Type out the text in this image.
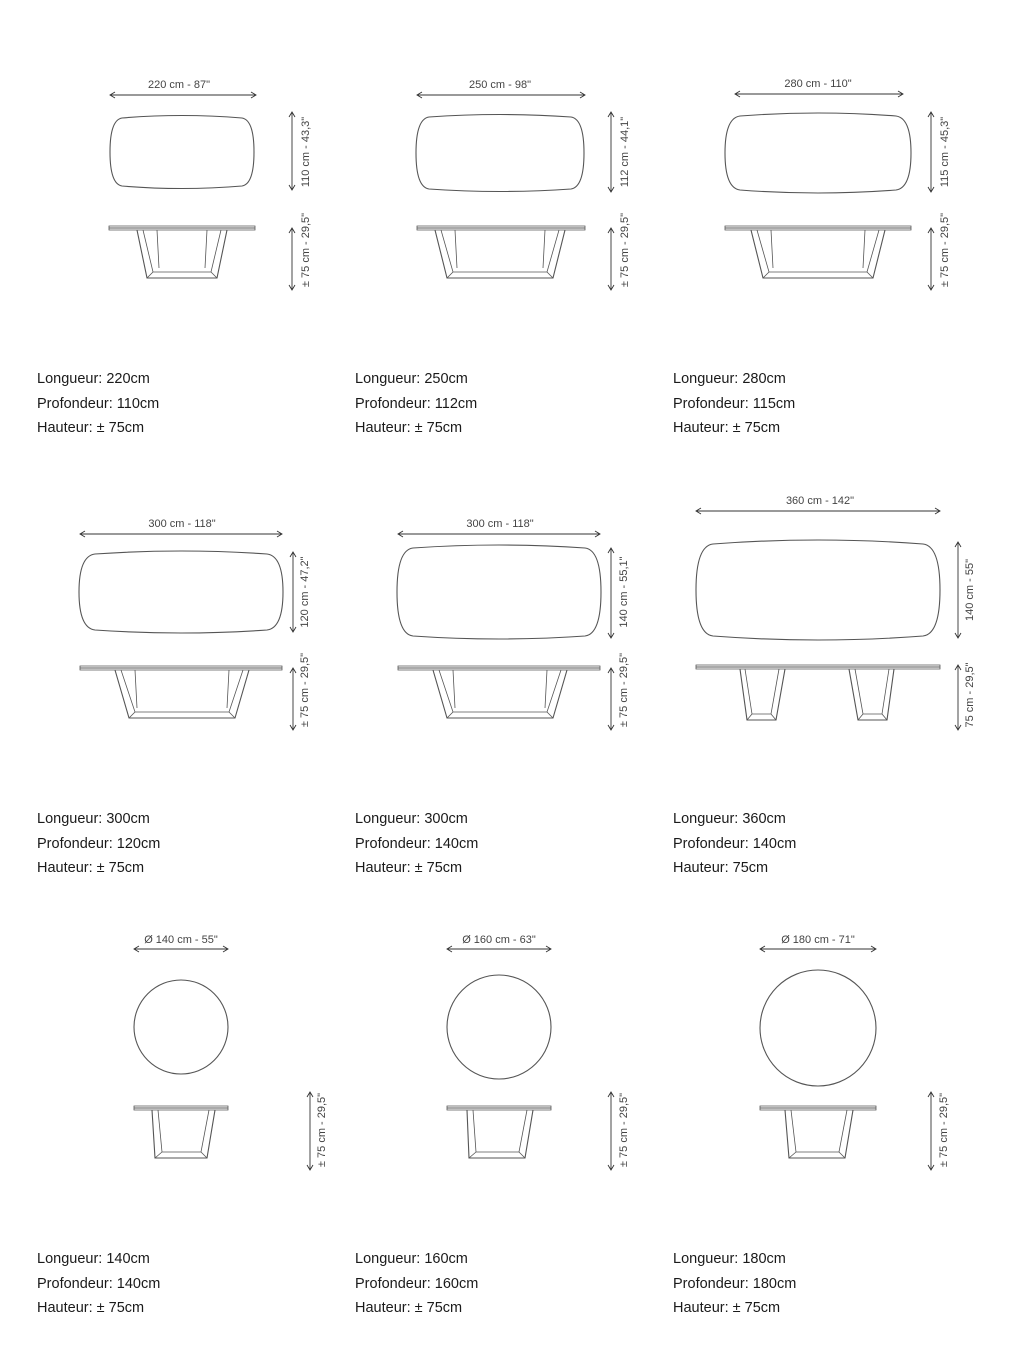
220 cm - 87"
110 cm - 43,3"
± 75 cm - 29,5"
Longueur: 220cm
Profondeur: 110cm
Hauteur: ± 75cm
250 cm - 98"
112 cm - 44,1"
± 75 cm - 29,5"
Longueur: 250cm
Profondeur: 112cm
Hauteur: ± 75cm
280 cm - 110"
115 cm - 45,3"
± 75 cm - 29,5"
Longueur: 280cm
Profondeur: 115cm
Hauteur: ± 75cm
300 cm - 118"
120 cm - 47,2"
± 75 cm - 29,5"
Longueur: 300cm
Profondeur: 120cm
Hauteur: ± 75cm
300 cm - 118"
140 cm - 55,1"
± 75 cm - 29,5"
Longueur: 300cm
Profondeur: 140cm
Hauteur: ± 75cm
360 cm - 142"
140 cm - 55"
75 cm - 29,5"
Longueur: 360cm
Profondeur: 140cm
Hauteur: 75cm
Ø 140 cm - 55"
± 75 cm - 29,5"
Longueur: 140cm
Profondeur: 140cm
Hauteur: ± 75cm
Ø 160 cm - 63"
± 75 cm - 29,5"
Longueur: 160cm
Profondeur: 160cm
Hauteur: ± 75cm
Ø 180 cm - 71"
± 75 cm - 29,5"
Longueur: 180cm
Profondeur: 180cm
Hauteur: ± 75cm
